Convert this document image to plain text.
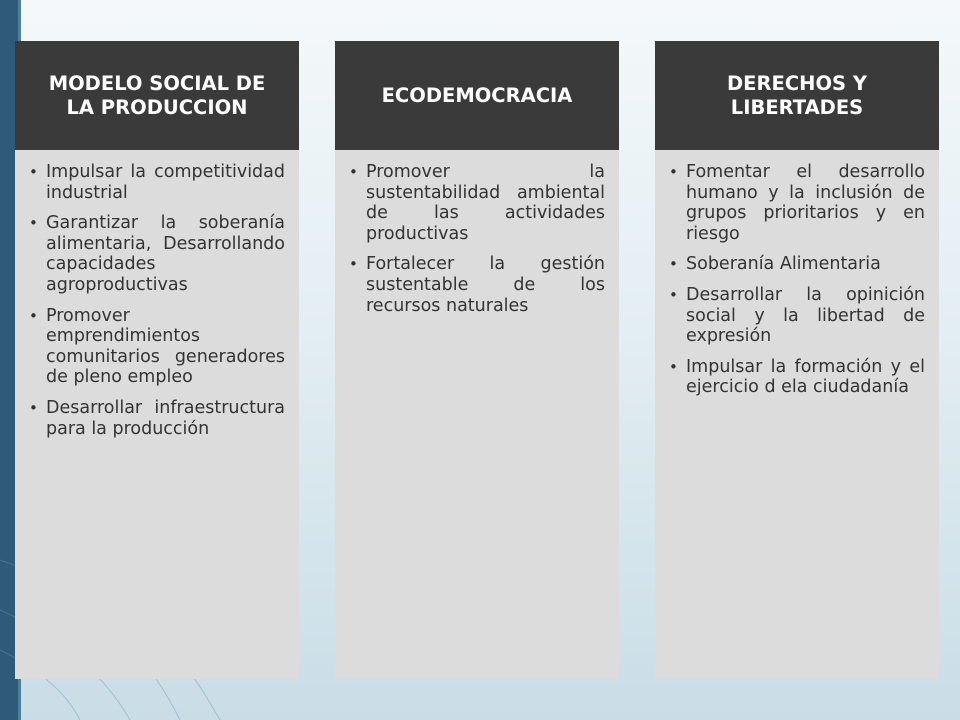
MODELO SOCIAL DE LA PRODUCCION
• Impulsar la competitividad industrial
• Garantizar la soberanía alimentaria, Desarrollando capacidades agroproductivas
• Promover emprendimientos comunitarios generadores de pleno empleo
• Desarrollar infraestructura para la producción
ECODEMOCRACIA
• Promover la sustentabilidad ambiental de las actividades productivas
• Fortalecer la gestión sustentable de los recursos naturales
DERECHOS Y LIBERTADES
• Fomentar el desarrollo humano y la inclusión de grupos prioritarios y en riesgo
• Soberanía Alimentaria
• Desarrollar la opinición social y la libertad de expresión
• Impulsar la formación y el ejercicio d ela ciudadanía
